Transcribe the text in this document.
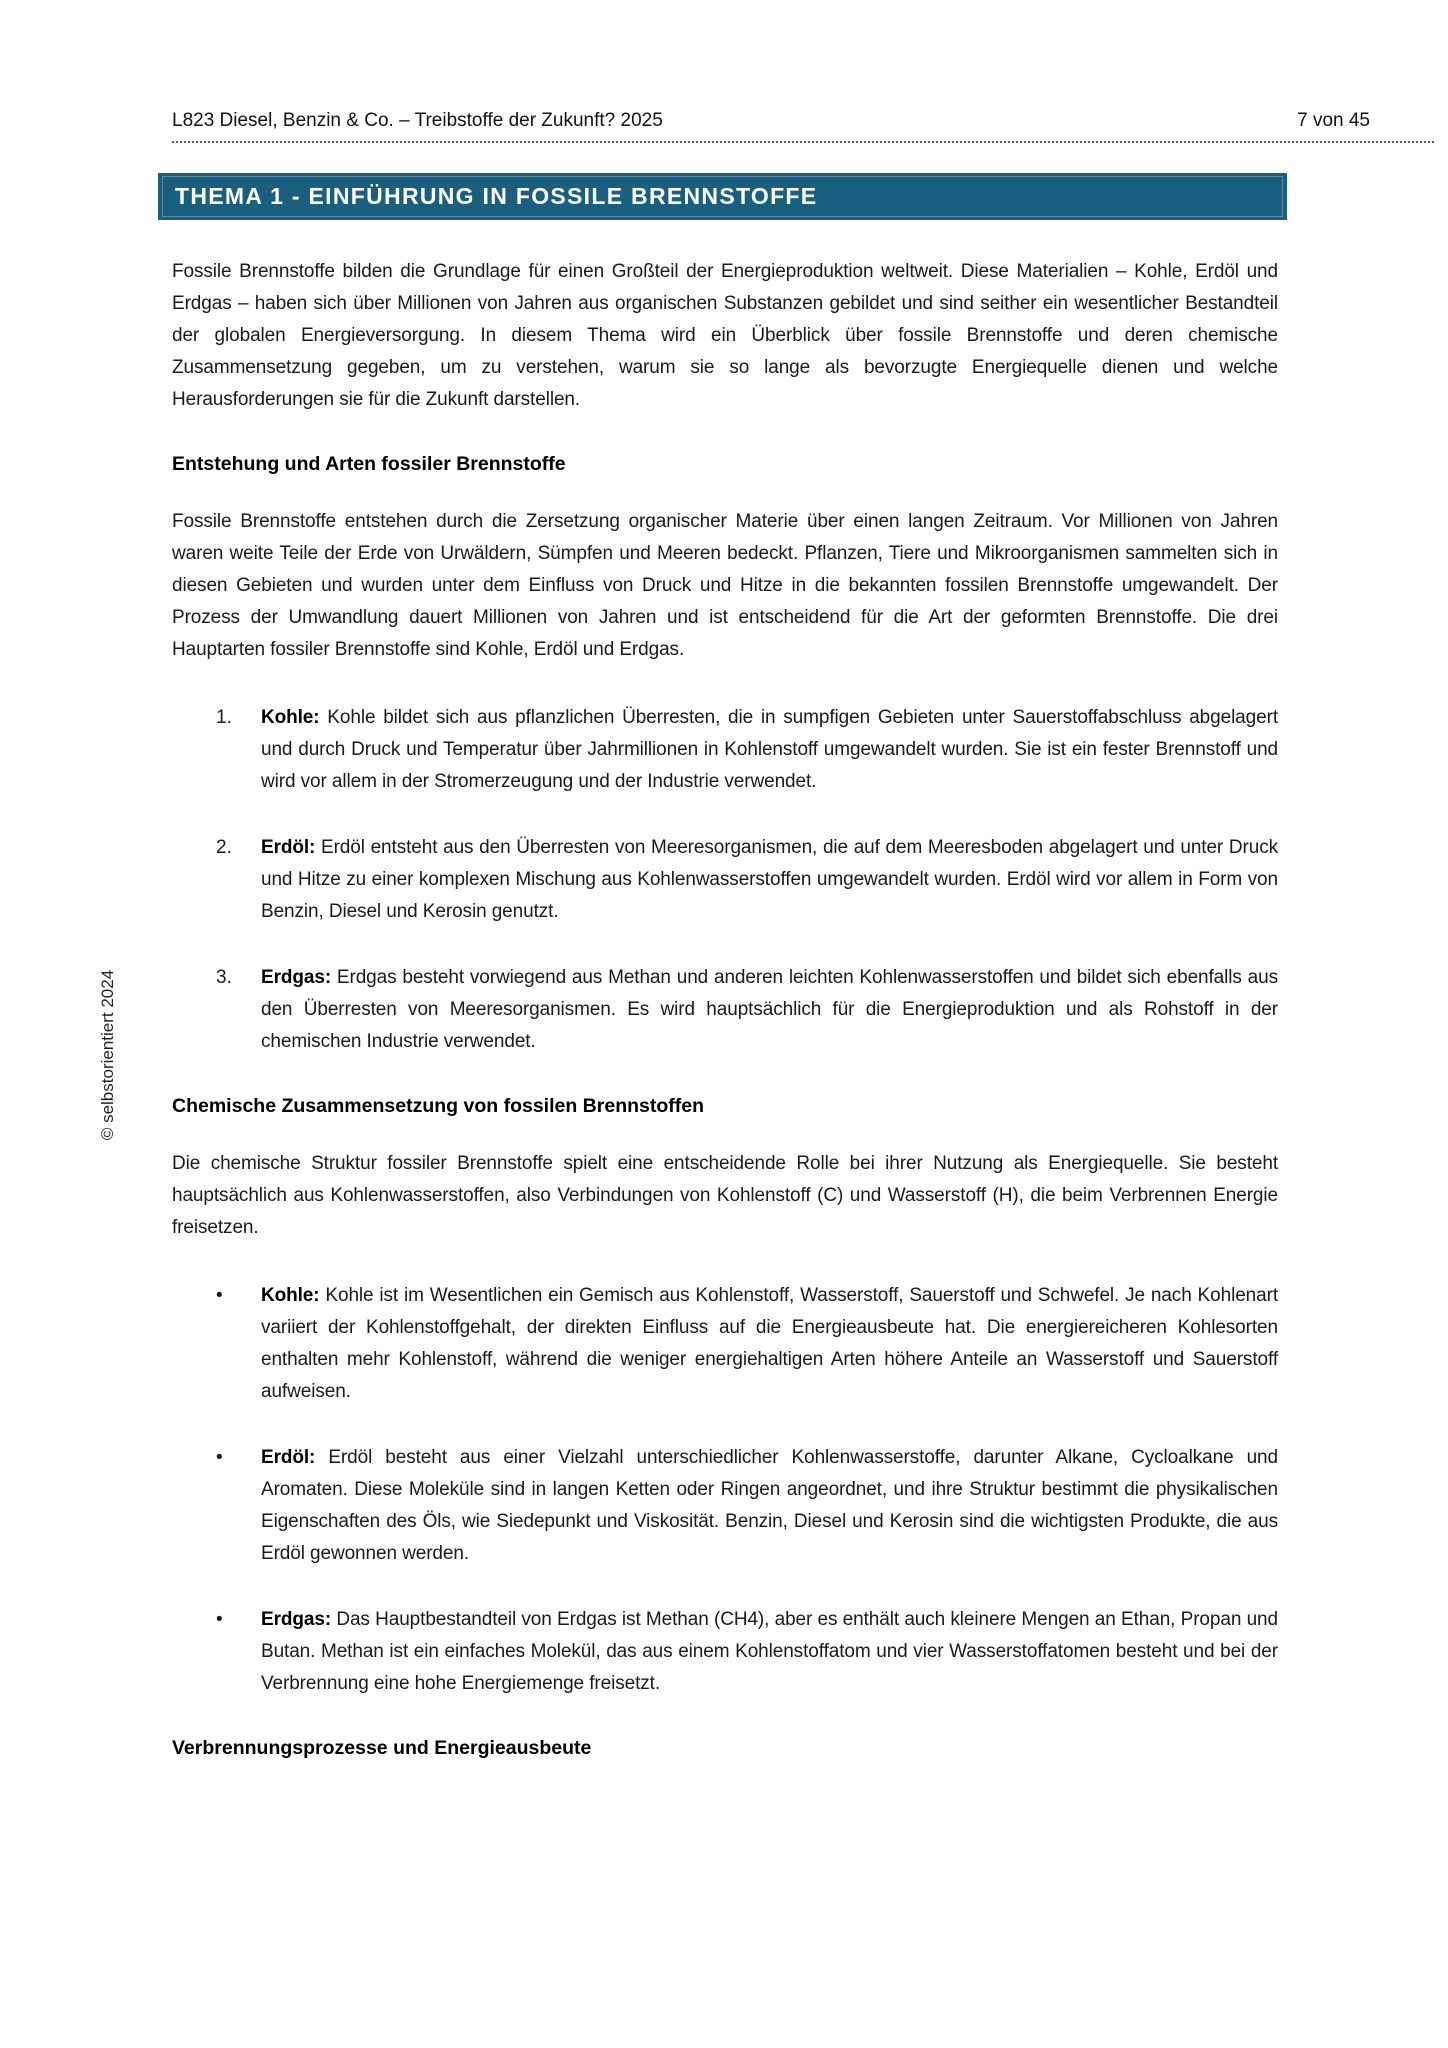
L823 Diesel, Benzin & Co. – Treibstoffe der Zukunft? 2025	7 von 45
THEMA 1 - EINFÜHRUNG IN FOSSILE BRENNSTOFFE
© selbstorientiert 2024

Fossile Brennstoffe bilden die Grundlage für einen Großteil der Energieproduktion weltweit. Diese Materialien – Kohle, Erdöl und Erdgas – haben sich über Millionen von Jahren aus organischen Substanzen gebildet und sind seither ein wesentlicher Bestandteil der globalen Energieversorgung. In diesem Thema wird ein Überblick über fossile Brennstoffe und deren chemische Zusammensetzung gegeben, um zu verstehen, warum sie so lange als bevorzugte Energiequelle dienen und welche Herausforderungen sie für die Zukunft darstellen.

Entstehung und Arten fossiler Brennstoffe

Fossile Brennstoffe entstehen durch die Zersetzung organischer Materie über einen langen Zeitraum. Vor Millionen von Jahren waren weite Teile der Erde von Urwäldern, Sümpfen und Meeren bedeckt. Pflanzen, Tiere und Mikroorganismen sammelten sich in diesen Gebieten und wurden unter dem Einfluss von Druck und Hitze in die bekannten fossilen Brennstoffe umgewandelt. Der Prozess der Umwandlung dauert Millionen von Jahren und ist entscheidend für die Art der geformten Brennstoffe. Die drei Hauptarten fossiler Brennstoffe sind Kohle, Erdöl und Erdgas.

1.	Kohle: Kohle bildet sich aus pflanzlichen Überresten, die in sumpfigen Gebieten unter Sauerstoffabschluss abgelagert und durch Druck und Temperatur über Jahrmillionen in Kohlenstoff umgewandelt wurden. Sie ist ein fester Brennstoff und wird vor allem in der Stromerzeugung und der Industrie verwendet.
2.	Erdöl: Erdöl entsteht aus den Überresten von Meeresorganismen, die auf dem Meeresboden abgelagert und unter Druck und Hitze zu einer komplexen Mischung aus Kohlenwasserstoffen umgewandelt wurden. Erdöl wird vor allem in Form von Benzin, Diesel und Kerosin genutzt.
3.	Erdgas: Erdgas besteht vorwiegend aus Methan und anderen leichten Kohlenwasserstoffen und bildet sich ebenfalls aus den Überresten von Meeresorganismen. Es wird hauptsächlich für die Energieproduktion und als Rohstoff in der chemischen Industrie verwendet.
Chemische Zusammensetzung von fossilen Brennstoffen

Die chemische Struktur fossiler Brennstoffe spielt eine entscheidende Rolle bei ihrer Nutzung als Energiequelle. Sie besteht hauptsächlich aus Kohlenwasserstoffen, also Verbindungen von Kohlenstoff (C) und Wasserstoff (H), die beim Verbrennen Energie freisetzen.

•	Kohle: Kohle ist im Wesentlichen ein Gemisch aus Kohlenstoff, Wasserstoff, Sauerstoff und Schwefel. Je nach Kohlenart variiert der Kohlenstoffgehalt, der direkten Einfluss auf die Energieausbeute hat. Die energiereicheren Kohlesorten enthalten mehr Kohlenstoff, während die weniger energiehaltigen Arten höhere Anteile an Wasserstoff und Sauerstoff aufweisen.
•	Erdöl: Erdöl besteht aus einer Vielzahl unterschiedlicher Kohlenwasserstoffe, darunter Alkane, Cycloalkane und Aromaten. Diese Moleküle sind in langen Ketten oder Ringen angeordnet, und ihre Struktur bestimmt die physikalischen Eigenschaften des Öls, wie Siedepunkt und Viskosität. Benzin, Diesel und Kerosin sind die wichtigsten Produkte, die aus Erdöl gewonnen werden.
•	Erdgas: Das Hauptbestandteil von Erdgas ist Methan (CH4), aber es enthält auch kleinere Mengen an Ethan, Propan und Butan. Methan ist ein einfaches Molekül, das aus einem Kohlenstoffatom und vier Wasserstoffatomen besteht und bei der Verbrennung eine hohe Energiemenge freisetzt.
Verbrennungsprozesse und Energieausbeute
